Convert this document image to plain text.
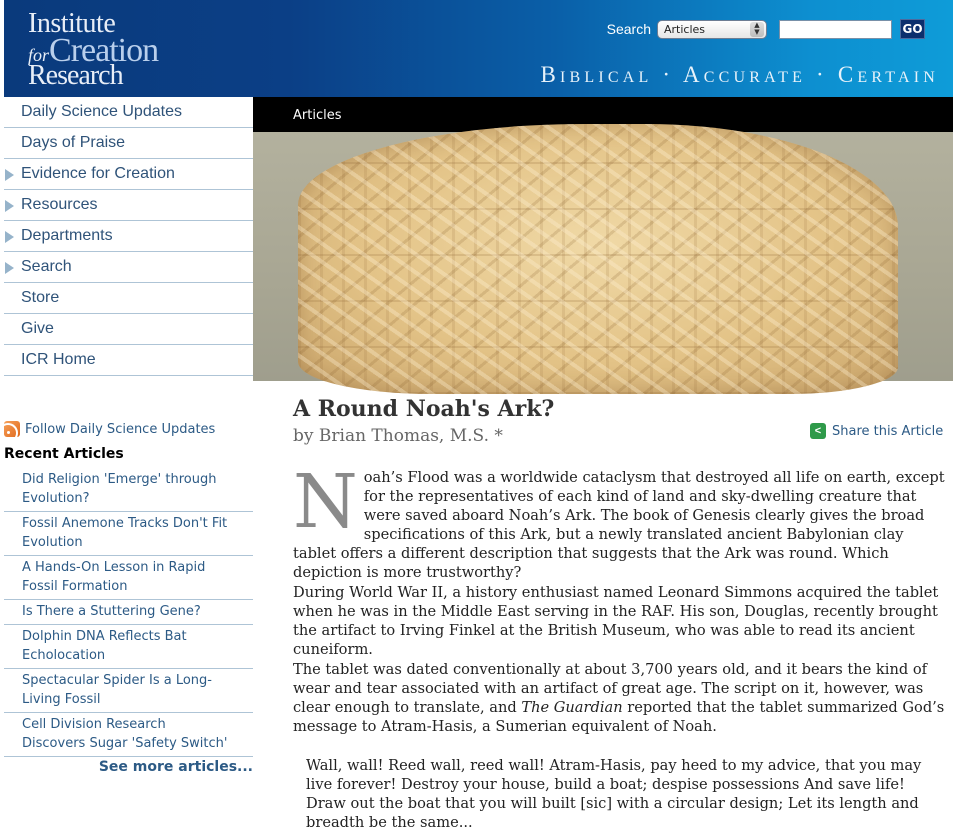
Institute
forCreation
Research
Search Articles	▲
▼	GO
Biblical · Accurate · Certain
Daily Science Updates
Days of Praise
Evidence for Creation
Resources
Departments
Search
Store
Give
ICR Home
Follow Daily Science Updates
Recent Articles
Did Religion 'Emerge' through Evolution?
Fossil Anemone Tracks Don't Fit Evolution
A Hands-On Lesson in Rapid Fossil Formation
Is There a Stuttering Gene?
Dolphin DNA Reflects Bat Echolocation
Spectacular Spider Is a Long-Living Fossil
Cell Division Research Discovers Sugar 'Safety Switch'
See more articles...
Articles
A Round Noah's Ark?
by Brian Thomas, M.S. *	< Share this Article
Noah’s Flood was a worldwide cataclysm that destroyed all life on earth, except for the representatives of each kind of land and sky-dwelling creature that were saved aboard Noah’s Ark. The book of Genesis clearly gives the broad specifications of this Ark, but a newly translated ancient Babylonian clay tablet offers a different description that suggests that the Ark was round. Which depiction is more trustworthy?
During World War II, a history enthusiast named Leonard Simmons acquired the tablet when he was in the Middle East serving in the RAF. His son, Douglas, recently brought the artifact to Irving Finkel at the British Museum, who was able to read its ancient cuneiform.
The tablet was dated conventionally at about 3,700 years old, and it bears the kind of wear and tear associated with an artifact of great age. The script on it, however, was clear enough to translate, and The Guardian reported that the tablet summarized God’s message to Atram-Hasis, a Sumerian equivalent of Noah.
Wall, wall! Reed wall, reed wall! Atram-Hasis, pay heed to my advice, that you may live forever! Destroy your house, build a boat; despise possessions And save life! Draw out the boat that you will built [sic] with a circular design; Let its length and breadth be the same...
